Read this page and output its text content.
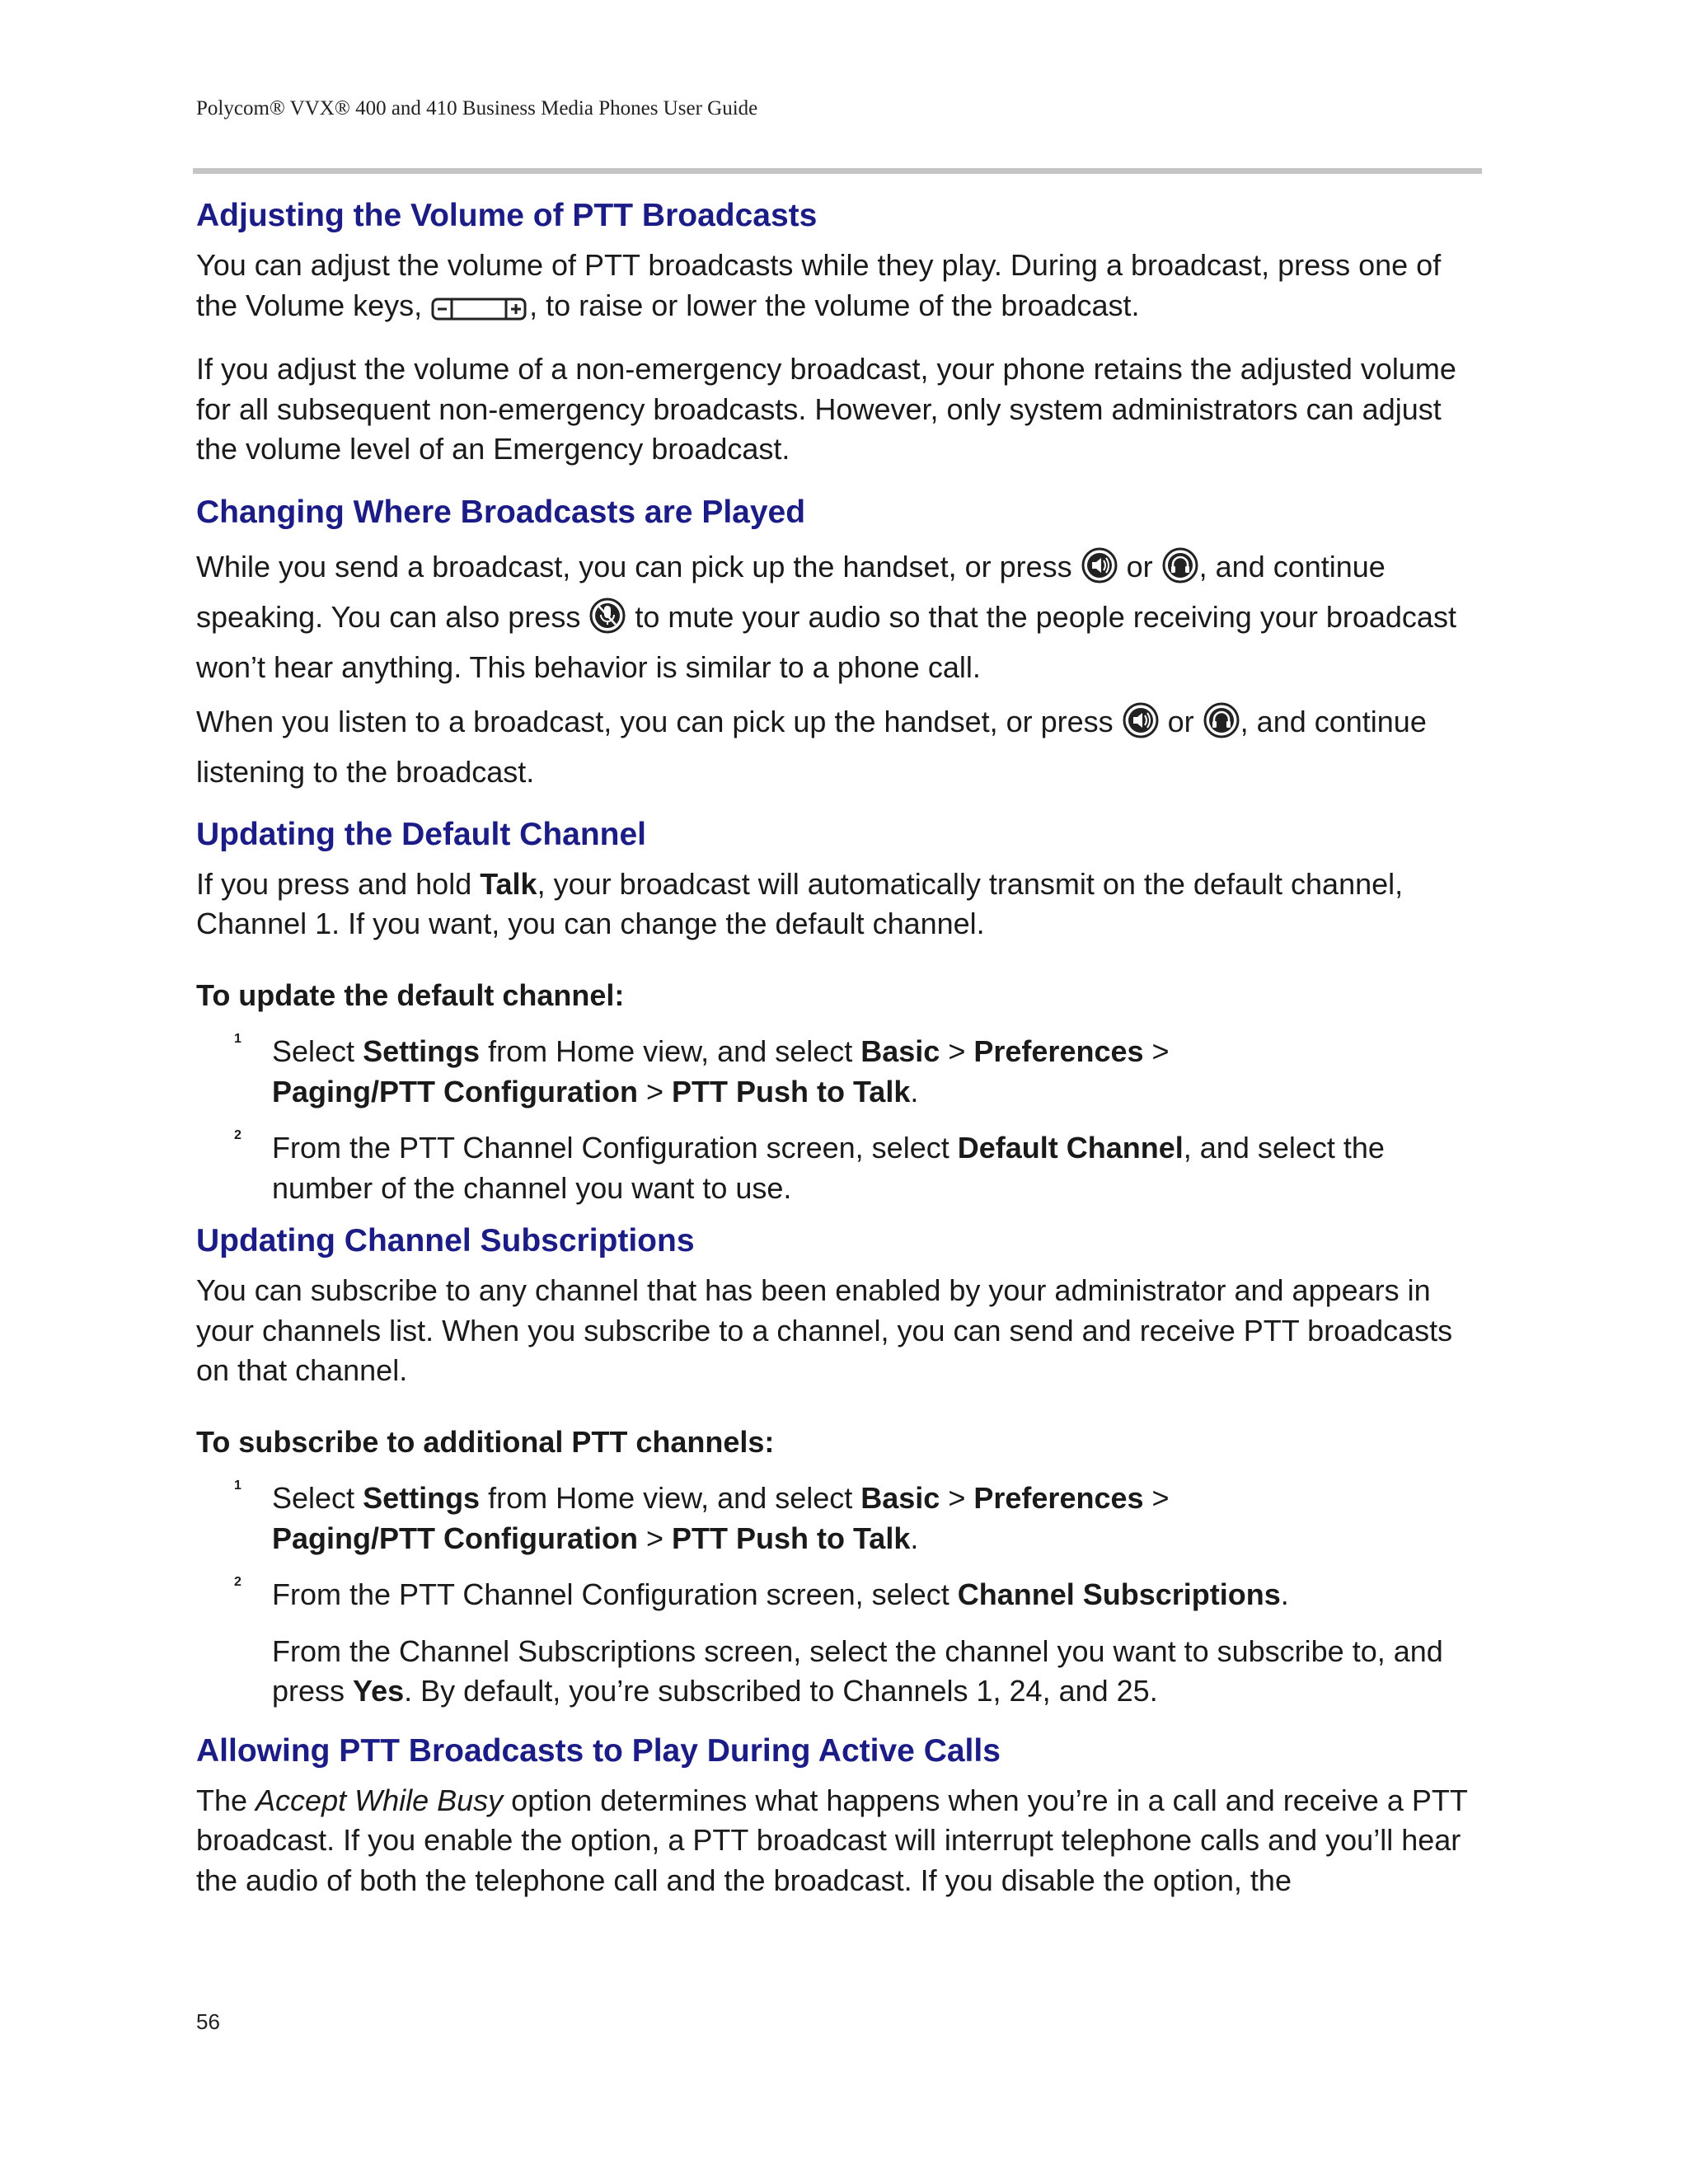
Polycom® VVX® 400 and 410 Business Media Phones User Guide
Adjusting the Volume of PTT Broadcasts

You can adjust the volume of PTT broadcasts while they play. During a broadcast, press one of the Volume keys,	, to raise or lower the volume of the broadcast.

If you adjust the volume of a non-emergency broadcast, your phone retains the adjusted volume for all subsequent non-emergency broadcasts. However, only system administrators can adjust the volume level of an Emergency broadcast.

Changing Where Broadcasts are Played

While you send a broadcast, you can pick up the handset, or press  or , and continue speaking. You can also press  to mute your audio so that the people receiving your broadcast won’t hear anything. This behavior is similar to a phone call.

When you listen to a broadcast, you can pick up the handset, or press  or , and continue listening to the broadcast.

Updating the Default Channel

If you press and hold Talk, your broadcast will automatically transmit on the default channel, Channel 1. If you want, you can change the default channel.

To update the default channel:

1 Select Settings from Home view, and select Basic > Preferences >
Paging/PTT Configuration > PTT Push to Talk.

2 From the PTT Channel Configuration screen, select Default Channel, and select the number of the channel you want to use.

Updating Channel Subscriptions

You can subscribe to any channel that has been enabled by your administrator and appears in your channels list. When you subscribe to a channel, you can send and receive PTT broadcasts on that channel.

To subscribe to additional PTT channels:

1 Select Settings from Home view, and select Basic > Preferences >
Paging/PTT Configuration > PTT Push to Talk.

2 From the PTT Channel Configuration screen, select Channel Subscriptions.

From the Channel Subscriptions screen, select the channel you want to subscribe to, and press Yes. By default, you’re subscribed to Channels 1, 24, and 25.

Allowing PTT Broadcasts to Play During Active Calls

The Accept While Busy option determines what happens when you’re in a call and receive a PTT broadcast. If you enable the option, a PTT broadcast will interrupt telephone calls and you’ll hear the audio of both the telephone call and the broadcast. If you disable the option, the

56
